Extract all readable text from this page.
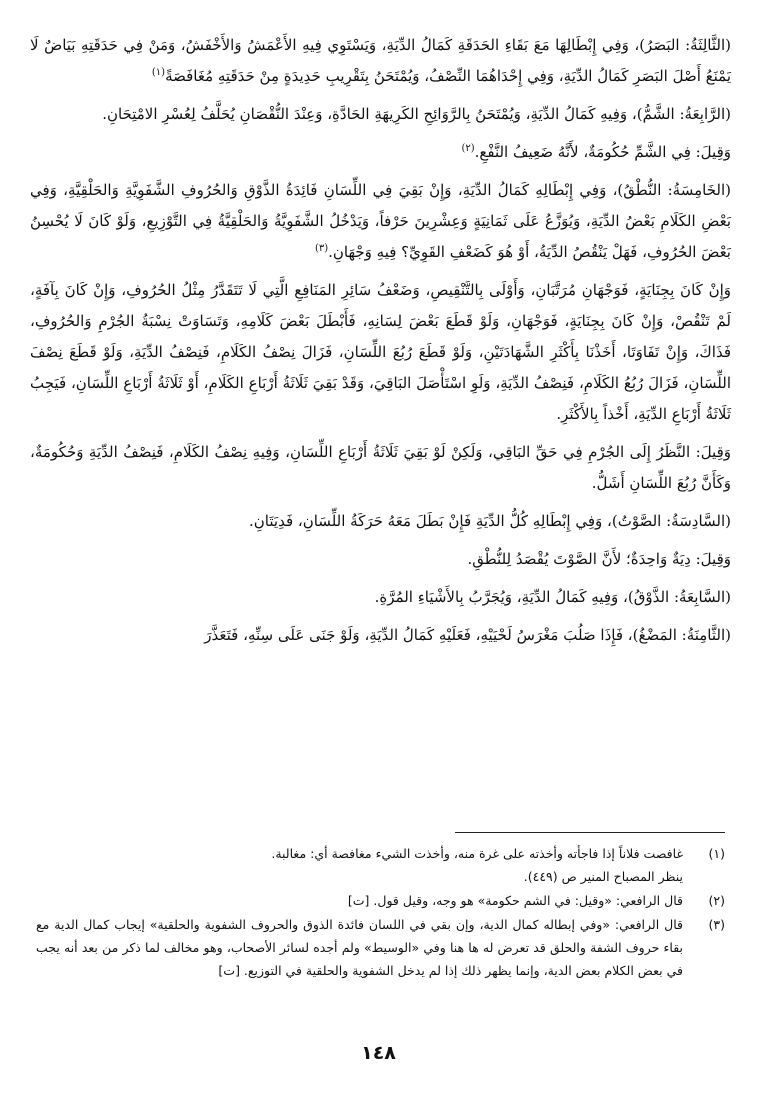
(الثَّالِثَةُ: البَصَرُ)، وَفِي إِبْطَالِهَا مَعَ بَقَاءِ الحَدَقَةِ كَمَالُ الدِّيَةِ، وَيَسْتَوِي فِيهِ الأَعْمَشُ وَالأَخْفَشُ، وَمَنْ فِي حَدَقَتِهِ بَيَاضٌ لَا يَمْنَعُ أَصْلَ البَصَرِ كَمَالُ الدِّيَةِ، وَفِي إِحْدَاهُمَا النِّصْفُ، وَيُمْتَحَنُ بِتَقْرِيبِ حَدِيدَةٍ مِنْ حَدَقَتِهِ مُغَافَصَةً$^{(١)}$

(الرَّابِعَةُ: الشَّمُّ)، وَفِيهِ كَمَالُ الدِّيَةِ، وَيُمْتَحَنُ بِالرَّوَائِحِ الكَرِيهَةِ الحَادَّةِ، وَعِنْدَ النُّقْصَانِ يُحَلَّفُ لِعُسْرِ الامْتِحَانِ.

وَقِيلَ: فِي الشَّمِّ حُكُومَةٌ، لأَنَّهُ ضَعِيفُ النَّفْعِ.$^{(٢)}$

(الخَامِسَةُ: النُّطْقُ)، وَفِي إِبْطَالِهِ كَمَالُ الدِّيَةِ، وَإِنْ بَقِيَ فِي اللِّسَانِ فَائِدَةُ الذَّوْقِ وَالحُرُوفِ الشَّفَوِيَّةِ وَالحَلْقِيَّةِ، وَفِي بَعْضِ الكَلَامِ بَعْضُ الدِّيَةِ، وَيُوَزَّعُ عَلَى ثَمَانِيَةٍ وَعِشْرِينَ حَرْفاً، وَيَدْخُلُ الشَّفَوِيَّةُ وَالحَلْقِيَّةُ فِي التَّوْزِيعِ، وَلَوْ كَانَ لَا يُحْسِنُ بَعْضَ الحُرُوفِ، فَهَلْ يَنْقُصُ الدِّيَةُ، أَوْ هُوَ كَضَعْفِ القَوِيِّ؟ فِيهِ وَجْهَانِ.$^{(٣)}$

وَإِنْ كَانَ بِجِنَايَةٍ، فَوَجْهَانِ مُرَتَّبَانِ، وَأَوْلَى بِالتَّنْقِيصِ، وَضَعْفُ سَائِرِ المَنَافِعِ الَّتِي لَا تَتَقَدَّرُ مِثْلُ الحُرُوفِ، وَإِنْ كَانَ بِآفَةٍ، لَمْ تَنْقُصْ، وَإِنْ كَانَ بِجِنَايَةٍ، فَوَجْهَانِ، وَلَوْ قَطَعَ بَعْضَ لِسَانِهِ، فَأَبْطَلَ بَعْضَ كَلَامِهِ، وَتَسَاوَتْ نِسْبَةُ الجُرْمِ وَالحُرُوفِ، فَذَاكَ، وَإِنْ تَفَاوَتَا، أَخَذْنَا بِأَكْثَرِ الشَّهَادَتَيْنِ، وَلَوْ قَطَعَ رُبُعَ اللِّسَانِ، فَزَالَ نِصْفُ الكَلَامِ، فَنِصْفُ الدِّيَةِ، وَلَوْ قَطَعَ نِصْفَ اللِّسَانِ، فَزَالَ رُبُعُ الكَلَامِ، فَنِصْفُ الدِّيَةِ، وَلَوِ اسْتَأْصَلَ البَاقِيَ، وَقَدْ بَقِيَ ثَلَاثَةُ أَرْبَاعِ الكَلَامِ، أَوْ ثَلَاثَةُ أَرْبَاعِ اللِّسَانِ، فَيَجِبُ ثَلَاثَةُ أَرْبَاعِ الدِّيَةِ، أَخْذاً بِالأَكْثَرِ.

وَقِيلَ: النَّظَرُ إِلَى الجُرْمِ فِي حَقِّ البَاقِي، وَلَكِنْ لَوْ بَقِيَ ثَلَاثَةُ أَرْبَاعِ اللِّسَانِ، وَفِيهِ نِصْفُ الكَلَامِ، فَنِصْفُ الدِّيَةِ وَحُكُومَةٌ، وَكَأَنَّ رُبُعَ اللِّسَانِ أَشَلُّ.

(السَّادِسَةُ: الصَّوْتُ)، وَفِي إِبْطَالِهِ كُلُّ الدِّيَةِ فَإِنْ بَطَلَ مَعَهُ حَرَكَةُ اللِّسَانِ، فَدِيَتَانِ.

وَقِيلَ: دِيَةٌ وَاحِدَةٌ؛ لأَنَّ الصَّوْتَ يُقْصَدُ لِلنُّطْقِ.

(السَّابِعَةُ: الذَّوْقُ)، وَفِيهِ كَمَالُ الدِّيَةِ، وَيُجَرَّبُ بِالأَشْيَاءِ المُرَّةِ.

(الثَّامِنَةُ: المَضْغُ)، فَإِذَا صَلُبَ مَغْرَسُ لَحْيَيْهِ، فَعَلَيْهِ كَمَالُ الدِّيَةِ، وَلَوْ جَنَى عَلَى سِنِّهِ، فَتَعَذَّرَ

(١)
غافصت فلاناً إذا فاجأته وأخذته على غرة منه، وأخذت الشيء مغافصة أي: مغالبة.
ينظر المصباح المنير ص (٤٤٩).
(٢)
قال الرافعي: «وقيل: في الشم حكومة» هو وجه، وقيل قول. [ت]
(٣)
قال الرافعي: «وفي إبطاله كمال الدية، وإن بقي في اللسان فائدة الذوق والحروف الشفوية والحلقية» إيجاب كمال الدية مع بقاء حروف الشفة والحلق قد تعرض له ها هنا وفي «الوسيط» ولم أجده لسائر الأصحاب، وهو مخالف لما ذكر من بعد أنه يجب في بعض الكلام بعض الدية، وإنما يظهر ذلك إذا لم يدخل الشفوية والحلقية في التوزيع. [ت]
١٤٨
